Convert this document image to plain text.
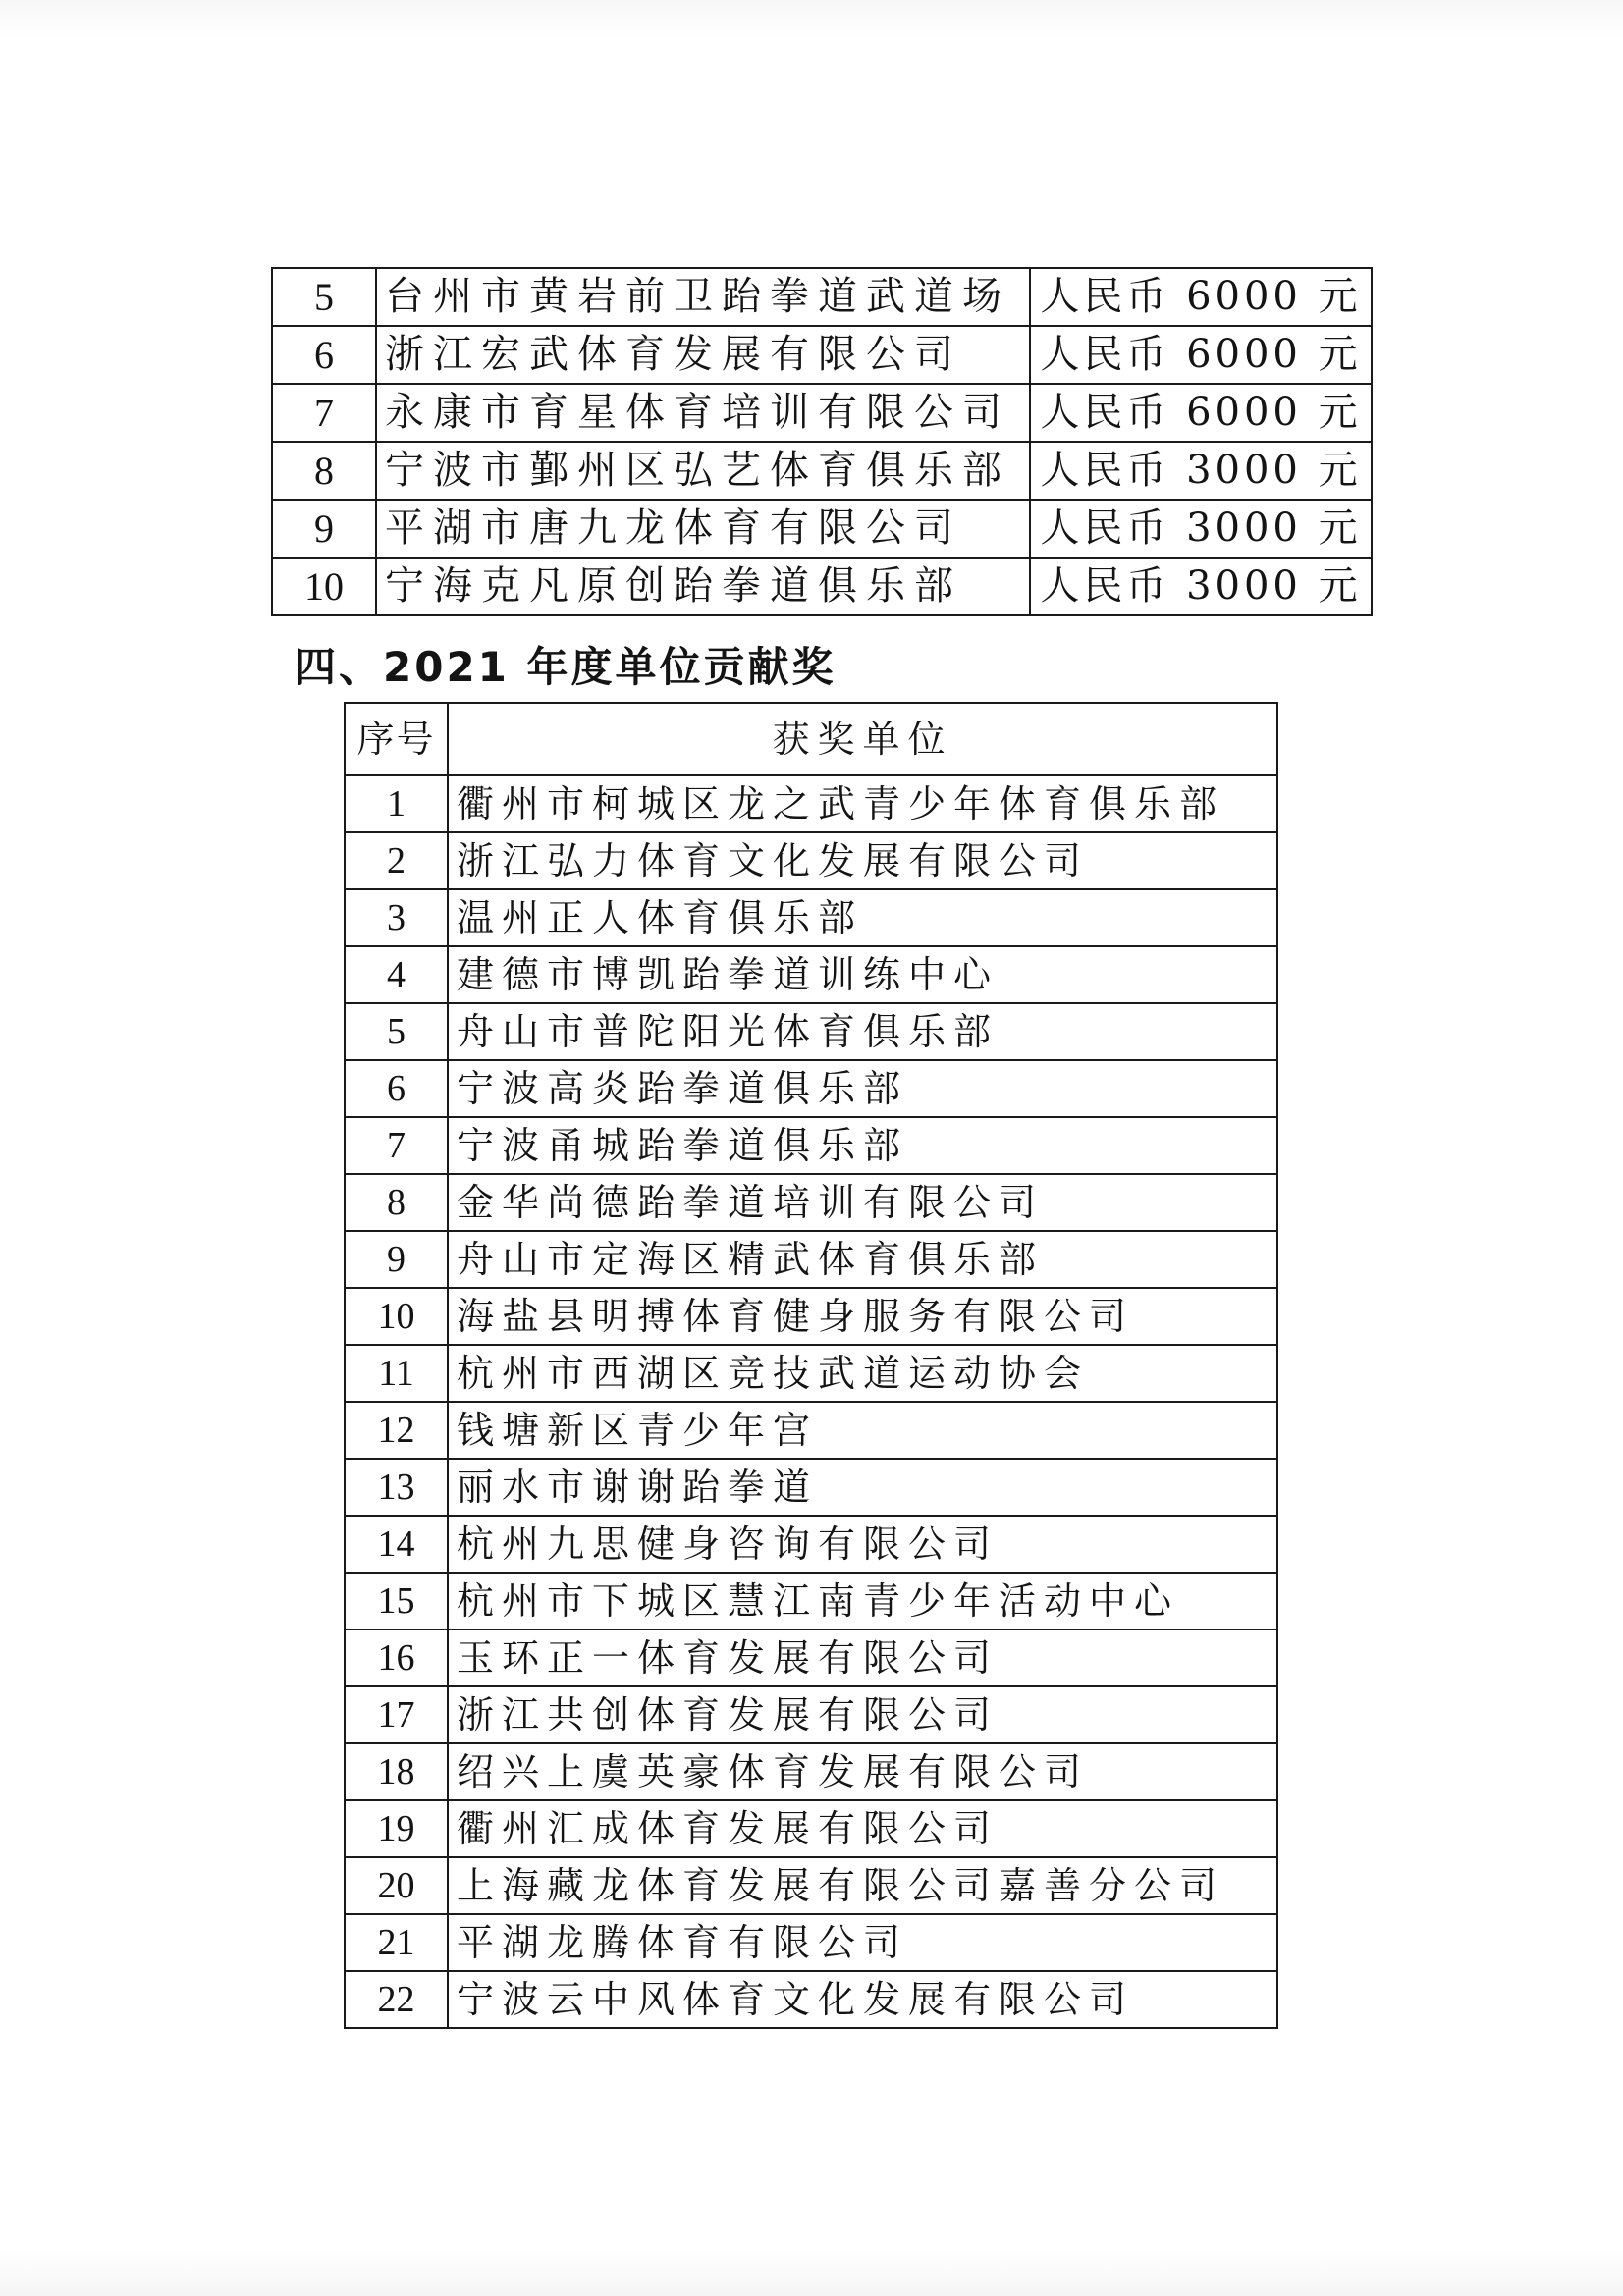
5	台州市黄岩前卫跆拳道武道场	人民币 6000 元
6	浙江宏武体育发展有限公司	人民币 6000 元
7	永康市育星体育培训有限公司	人民币 6000 元
8	宁波市鄞州区弘艺体育俱乐部	人民币 3000 元
9	平湖市唐九龙体育有限公司	人民币 3000 元
10	宁海克凡原创跆拳道俱乐部	人民币 3000 元
四、2021 年度单位贡献奖
序号	获奖单位
1	衢州市柯城区龙之武青少年体育俱乐部
2	浙江弘力体育文化发展有限公司
3	温州正人体育俱乐部
4	建德市博凯跆拳道训练中心
5	舟山市普陀阳光体育俱乐部
6	宁波高炎跆拳道俱乐部
7	宁波甬城跆拳道俱乐部
8	金华尚德跆拳道培训有限公司
9	舟山市定海区精武体育俱乐部
10	海盐县明搏体育健身服务有限公司
11	杭州市西湖区竞技武道运动协会
12	钱塘新区青少年宫
13	丽水市谢谢跆拳道
14	杭州九思健身咨询有限公司
15	杭州市下城区慧江南青少年活动中心
16	玉环正一体育发展有限公司
17	浙江共创体育发展有限公司
18	绍兴上虞英豪体育发展有限公司
19	衢州汇成体育发展有限公司
20	上海藏龙体育发展有限公司嘉善分公司
21	平湖龙腾体育有限公司
22	宁波云中风体育文化发展有限公司
